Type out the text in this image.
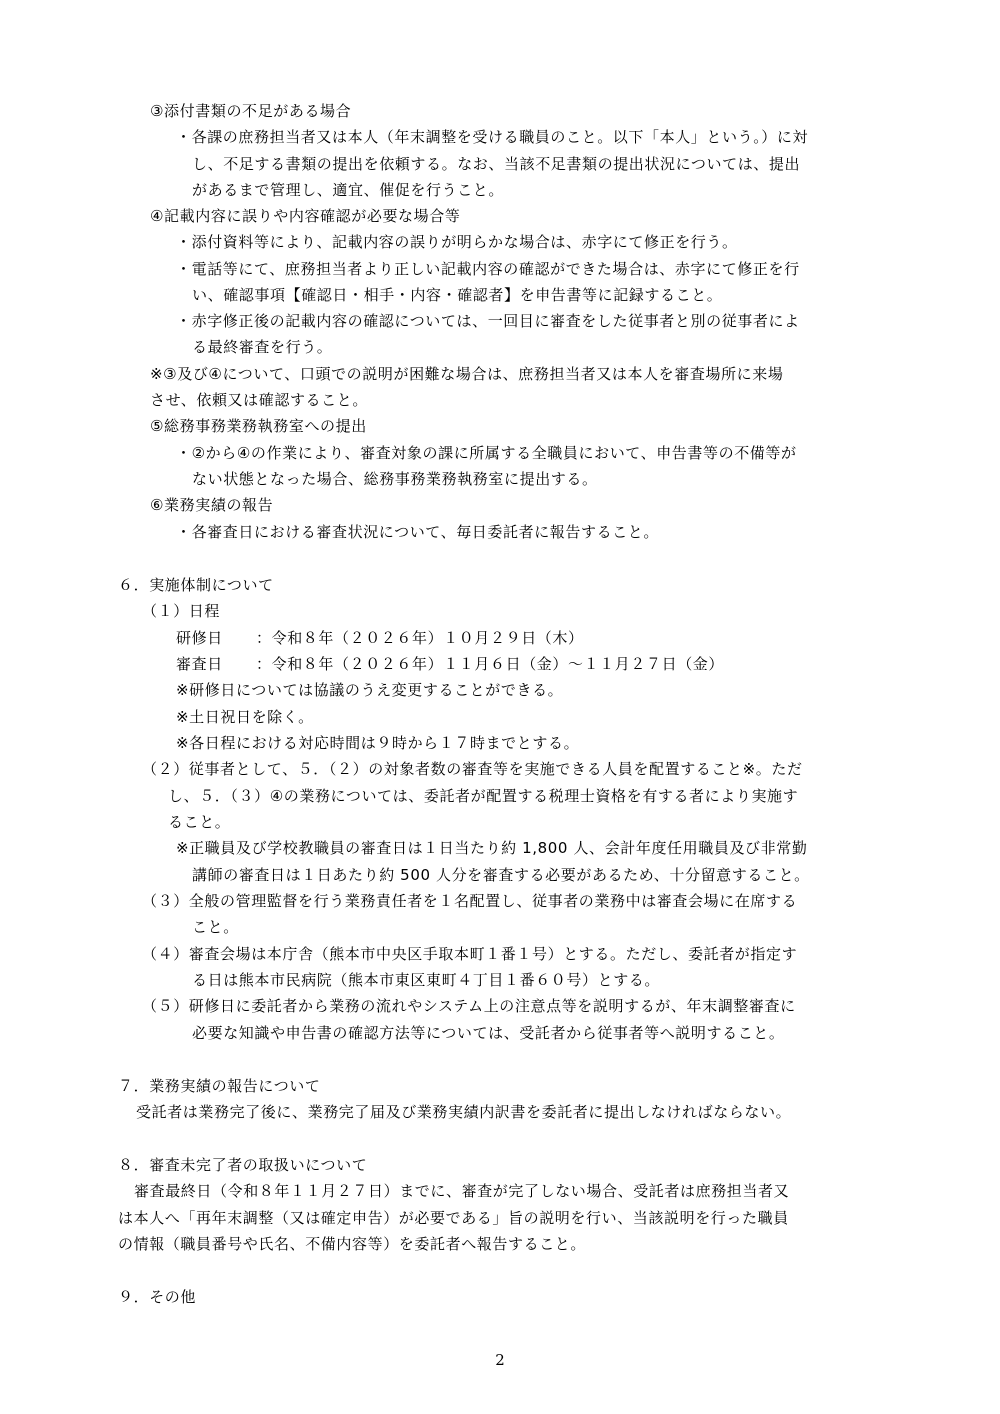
③添付書類の不足がある場合
・各課の庶務担当者又は本人（年末調整を受ける職員のこと。以下「本人」という。）に対
し、不足する書類の提出を依頼する。なお、当該不足書類の提出状況については、提出
があるまで管理し、適宜、催促を行うこと。
④記載内容に誤りや内容確認が必要な場合等
・添付資料等により、記載内容の誤りが明らかな場合は、赤字にて修正を行う。
・電話等にて、庶務担当者より正しい記載内容の確認ができた場合は、赤字にて修正を行
い、確認事項【確認日・相手・内容・確認者】を申告書等に記録すること。
・赤字修正後の記載内容の確認については、一回目に審査をした従事者と別の従事者によ
る最終審査を行う。
※③及び④について、口頭での説明が困難な場合は、庶務担当者又は本人を審査場所に来場
させ、依頼又は確認すること。
⑤総務事務業務執務室への提出
・②から④の作業により、審査対象の課に所属する全職員において、申告書等の不備等が
ない状態となった場合、総務事務業務執務室に提出する。
⑥業務実績の報告
・各審査日における審査状況について、毎日委託者に報告すること。
６．実施体制について
（１）日程
研修日 ：令和８年（２０２６年）１０月２９日（木）
審査日 ：令和８年（２０２６年）１１月６日（金）～１１月２７日（金）
※研修日については協議のうえ変更することができる。
※土日祝日を除く。
※各日程における対応時間は９時から１７時までとする。
（２）従事者として、５．（２）の対象者数の審査等を実施できる人員を配置すること※。ただ
し、５．（３）④の業務については、委託者が配置する税理士資格を有する者により実施す
ること。
※正職員及び学校教職員の審査日は１日当たり約 1,800 人、会計年度任用職員及び非常勤
講師の審査日は１日あたり約 500 人分を審査する必要があるため、十分留意すること。
（３）全般の管理監督を行う業務責任者を１名配置し、従事者の業務中は審査会場に在席する
こと。
（４）審査会場は本庁舎（熊本市中央区手取本町１番１号）とする。ただし、委託者が指定す
る日は熊本市民病院（熊本市東区東町４丁目１番６０号）とする。
（５）研修日に委託者から業務の流れやシステム上の注意点等を説明するが、年末調整審査に
必要な知識や申告書の確認方法等については、受託者から従事者等へ説明すること。
７．業務実績の報告について
受託者は業務完了後に、業務完了届及び業務実績内訳書を委託者に提出しなければならない。
８．審査未完了者の取扱いについて
審査最終日（令和８年１１月２７日）までに、審査が完了しない場合、受託者は庶務担当者又
は本人へ「再年末調整（又は確定申告）が必要である」旨の説明を行い、当該説明を行った職員
の情報（職員番号や氏名、不備内容等）を委託者へ報告すること。
９．その他
2
